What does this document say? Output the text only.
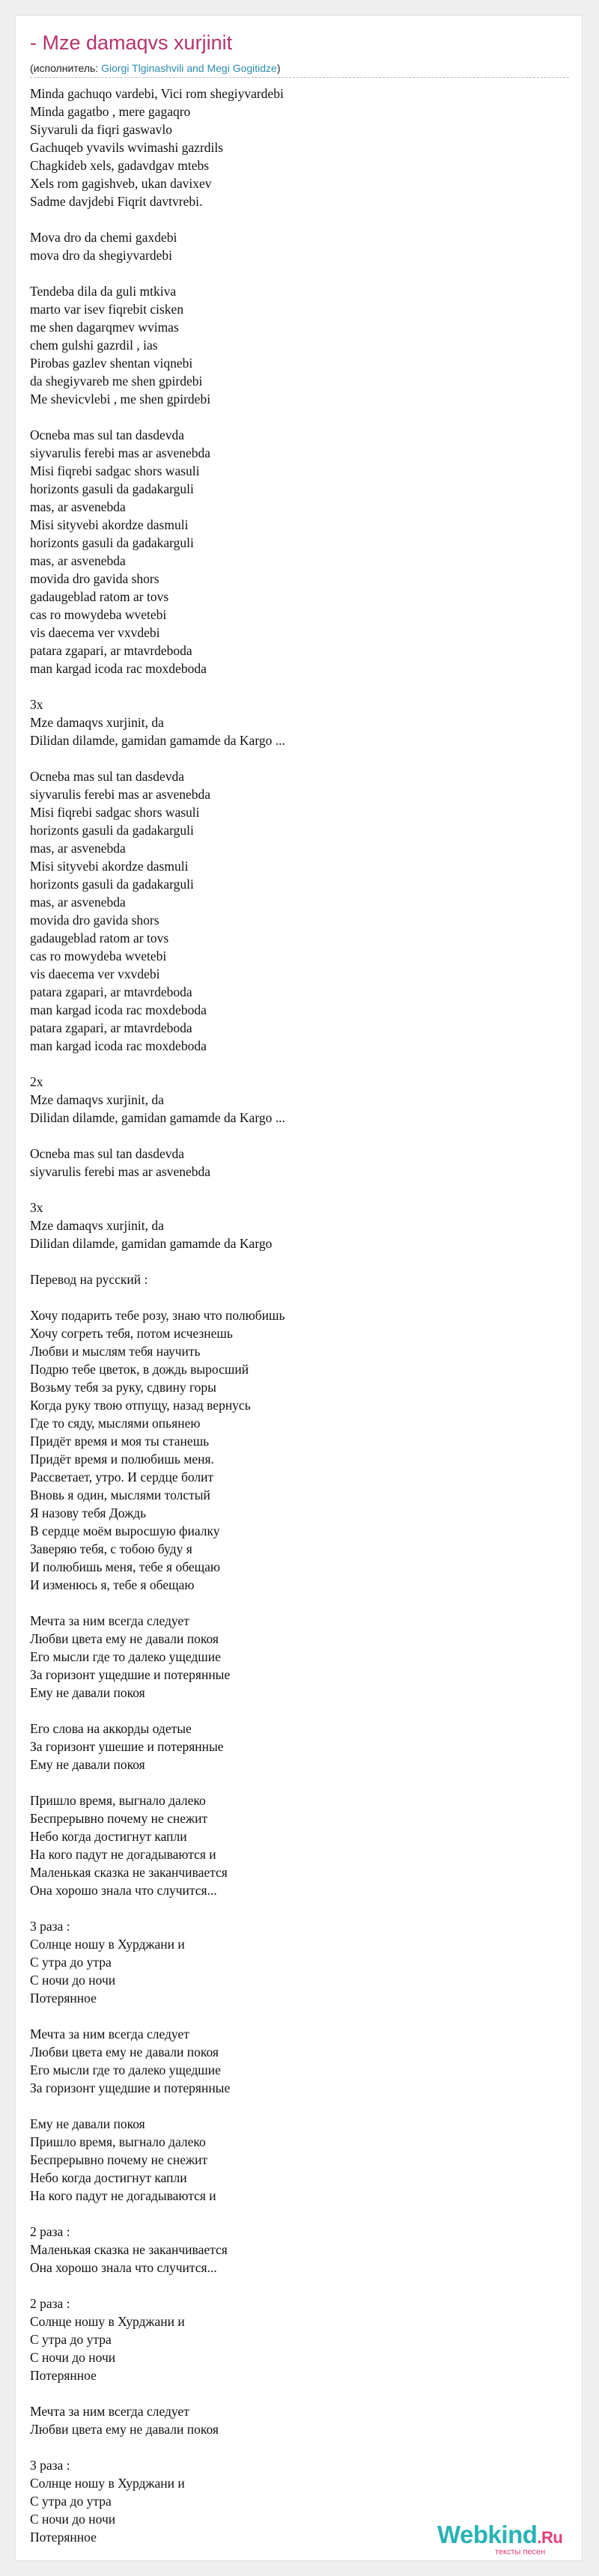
- Mze damaqvs xurjinit
(исполнитель: Giorgi Tlginashvili and Megi Gogitidze)
Minda gachuqo vardebi, Vici rom shegiyvardebi
Minda gagatbo , mere gagaqro
Siyvaruli da fiqri gaswavlo
Gachuqeb yvavils wvimashi gazrdils
Chagkideb xels, gadavdgav mtebs
Xels rom gagishveb, ukan davixev
Sadme davjdebi Fiqrit davtvrebi.

Mova dro da chemi gaxdebi
mova dro da shegiyvardebi

Tendeba dila da guli mtkiva
marto var isev fiqrebit cisken
me shen dagarqmev wvimas
chem gulshi gazrdil , ias
Pirobas gazlev shentan viqnebi
da shegiyvareb me shen gpirdebi
Me shevicvlebi , me shen gpirdebi

Осneba mas sul tan dasdevda
siyvarulis ferebi mas ar asvenebda
Misi fiqrebi sadgac shors wasuli
horizonts gasuli da gadakarguli
mas, ar asvenebda
Misi sityvebi akordze dasmuli
horizonts gasuli da gadakarguli
mas, ar asvenebda
movida dro gavida shors
gadaugeblad ratom ar tovs
cas ro mowydeba wvetebi
vis daecema ver vxvdebi
patara zgapari, ar mtavrdeboda
man kargad icoda rac moxdeboda

3x
Mze damaqvs xurjinit, da
Dilidan dilamde, gamidan gamamde da Kargo ...

Осneba mas sul tan dasdevda
siyvarulis ferebi mas ar asvenebda
Misi fiqrebi sadgac shors wasuli
horizonts gasuli da gadakarguli
mas, ar asvenebda
Misi sityvebi akordze dasmuli
horizonts gasuli da gadakarguli
mas, ar asvenebda
movida dro gavida shors
gadaugeblad ratom ar tovs
cas ro mowydeba wvetebi
vis daecema ver vxvdebi
patara zgapari, ar mtavrdeboda
man kargad icoda rac moxdeboda
patara zgapari, ar mtavrdeboda
man kargad icoda rac moxdeboda

2x
Mze damaqvs xurjinit, da
Dilidan dilamde, gamidan gamamde da Kargo ...

Осneba mas sul tan dasdevda
siyvarulis ferebi mas ar asvenebda

3x
Mze damaqvs xurjinit, da
Dilidan dilamde, gamidan gamamde da Kargo

Перевод на русский :

Хочу подарить тебе розу, знаю что полюбишь
Хочу согреть тебя, потом исчезнешь
Любви и мыслям тебя научить
Подрю тебе цветок, в дождь выросший
Возьму тебя за руку, сдвину горы
Когда руку твою отпущу, назад вернусь
Где то сяду, мыслями опьянею
Придёт время и моя ты станешь
Придёт время и полюбишь меня.
Рассветает, утро. И сердце болит
Вновь я один, мыслями толстый
Я назову тебя Дождь
В сердце моём выросшую фиалку
Заверяю тебя, с тобою буду я
И полюбишь меня, тебе я обещаю
И изменюсь я, тебе я обещаю

Мечта за ним всегда следует
Любви цвета ему не давали покоя
Его мысли где то далеко ущедшие
За горизонт ущедшие и потерянные
Ему не давали покоя

Его слова на аккорды одетые
За горизонт ушешие и потерянные
Ему не давали покоя

Пришло время, выгнало далеко
Беспрерывно почему не снежит
Небо когда достигнут капли
На кого падут не догадываются и
Маленькая сказка не заканчивается
Она хорошо знала что случится...

3 раза :
Солнце ношу в Хурджани и
С утра до утра
С ночи до ночи
Потерянное

Мечта за ним всегда следует
Любви цвета ему не давали покоя
Его мысли где то далеко ущедшие
За горизонт ущедшие и потерянные

Ему не давали покоя
Пришло время, выгнало далеко
Беспрерывно почему не снежит
Небо когда достигнут капли
На кого падут не догадываются и

2 раза :
Маленькая сказка не заканчивается
Она хорошо знала что случится...

2 раза :
Солнце ношу в Хурджани и
С утра до утра
С ночи до ночи
Потерянное

Мечта за ним всегда следует
Любви цвета ему не давали покоя

3 раза :
Солнце ношу в Хурджани и
С утра до утра
С ночи до ночи
Потерянное	Webkind.Ru
тексты песен
